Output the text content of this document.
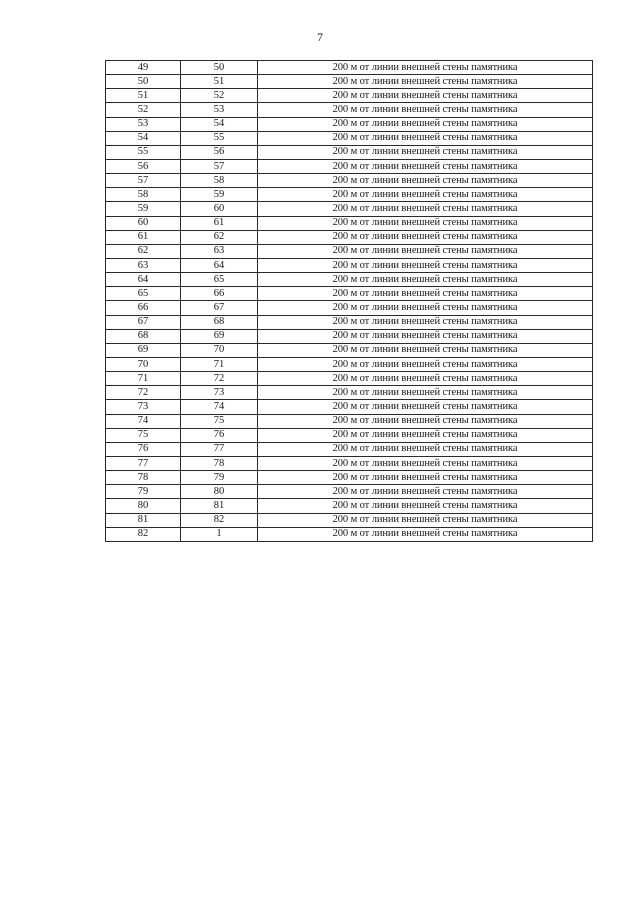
7
49	50	200 м от линии внешней стены памятника
50	51	200 м от линии внешней стены памятника
51	52	200 м от линии внешней стены памятника
52	53	200 м от линии внешней стены памятника
53	54	200 м от линии внешней стены памятника
54	55	200 м от линии внешней стены памятника
55	56	200 м от линии внешней стены памятника
56	57	200 м от линии внешней стены памятника
57	58	200 м от линии внешней стены памятника
58	59	200 м от линии внешней стены памятника
59	60	200 м от линии внешней стены памятника
60	61	200 м от линии внешней стены памятника
61	62	200 м от линии внешней стены памятника
62	63	200 м от линии внешней стены памятника
63	64	200 м от линии внешней стены памятника
64	65	200 м от линии внешней стены памятника
65	66	200 м от линии внешней стены памятника
66	67	200 м от линии внешней стены памятника
67	68	200 м от линии внешней стены памятника
68	69	200 м от линии внешней стены памятника
69	70	200 м от линии внешней стены памятника
70	71	200 м от линии внешней стены памятника
71	72	200 м от линии внешней стены памятника
72	73	200 м от линии внешней стены памятника
73	74	200 м от линии внешней стены памятника
74	75	200 м от линии внешней стены памятника
75	76	200 м от линии внешней стены памятника
76	77	200 м от линии внешней стены памятника
77	78	200 м от линии внешней стены памятника
78	79	200 м от линии внешней стены памятника
79	80	200 м от линии внешней стены памятника
80	81	200 м от линии внешней стены памятника
81	82	200 м от линии внешней стены памятника
82	1	200 м от линии внешней стены памятника
